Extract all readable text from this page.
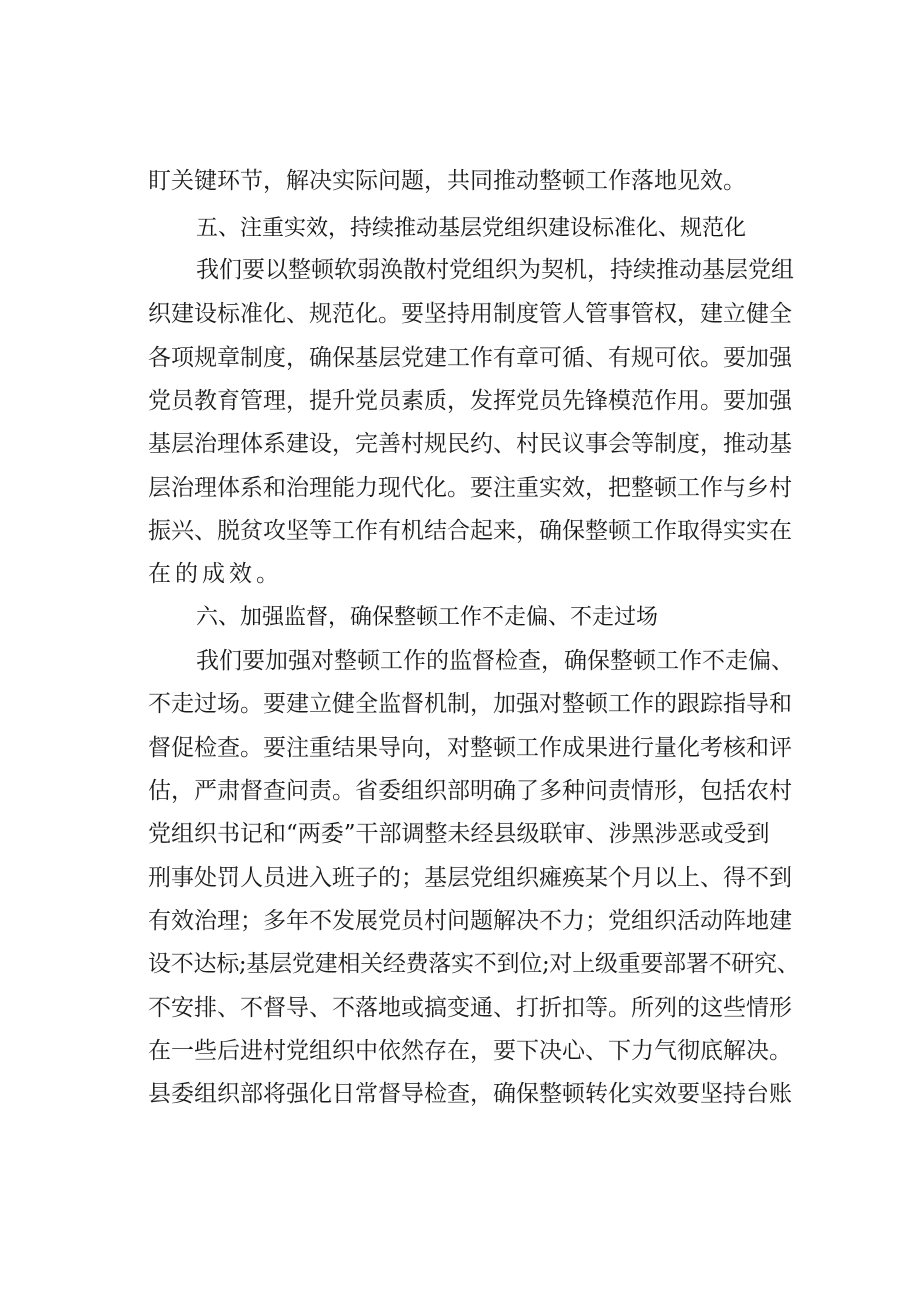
盯关键环节，解决实际问题，共同推动整顿工作落地见效。
五、注重实效，持续推动基层党组织建设标准化、规范化
我们要以整顿软弱涣散村党组织为契机，持续推动基层党组
织建设标准化、规范化。要坚持用制度管人管事管权，建立健全
各项规章制度，确保基层党建工作有章可循、有规可依。要加强
党员教育管理，提升党员素质，发挥党员先锋模范作用。要加强
基层治理体系建设，完善村规民约、村民议事会等制度，推动基
层治理体系和治理能力现代化。要注重实效，把整顿工作与乡村
振兴、脱贫攻坚等工作有机结合起来，确保整顿工作取得实实在
在的成效。
六、加强监督，确保整顿工作不走偏、不走过场
我们要加强对整顿工作的监督检查，确保整顿工作不走偏、
不走过场。要建立健全监督机制，加强对整顿工作的跟踪指导和
督促检查。要注重结果导向，对整顿工作成果进行量化考核和评
估，严肃督查问责。省委组织部明确了多种问责情形，包括农村
党组织书记和“两委”干部调整未经县级联审、涉黑涉恶或受到
刑事处罚人员进入班子的；基层党组织瘫痪某个月以上、得不到
有效治理；多年不发展党员村问题解决不力；党组织活动阵地建
设不达标;基层党建相关经费落实不到位;对上级重要部署不研究、
不安排、不督导、不落地或搞变通、打折扣等。所列的这些情形
在一些后进村党组织中依然存在，要下决心、下力气彻底解决。
县委组织部将强化日常督导检查，确保整顿转化实效要坚持台账
